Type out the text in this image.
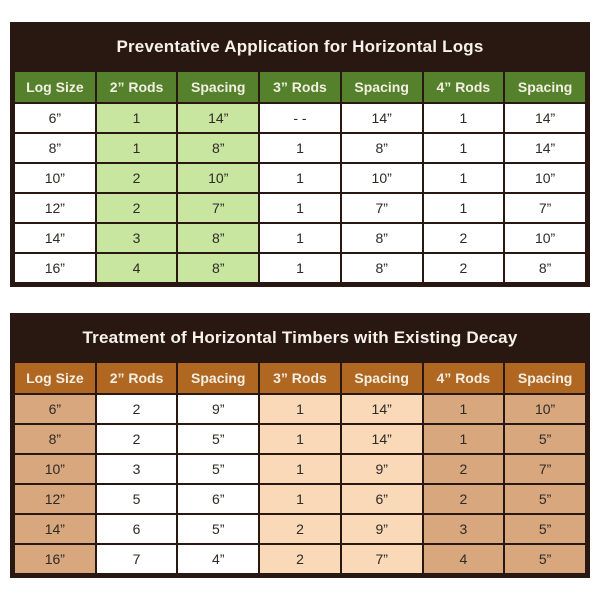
Preventative Application for Horizontal Logs
Log Size	2” Rods	Spacing	3” Rods	Spacing	4” Rods	Spacing
6”	1	14”	- -	14”	1	14”
8”	1	8”	1	8”	1	14”
10”	2	10”	1	10”	1	10”
12”	2	7”	1	7”	1	7”
14”	3	8”	1	8”	2	10”
16”	4	8”	1	8”	2	8”
Treatment of Horizontal Timbers with Existing Decay
Log Size	2” Rods	Spacing	3” Rods	Spacing	4” Rods	Spacing
6”	2	9”	1	14”	1	10”
8”	2	5”	1	14”	1	5”
10”	3	5”	1	9”	2	7”
12”	5	6”	1	6”	2	5”
14”	6	5”	2	9”	3	5”
16”	7	4”	2	7”	4	5”
